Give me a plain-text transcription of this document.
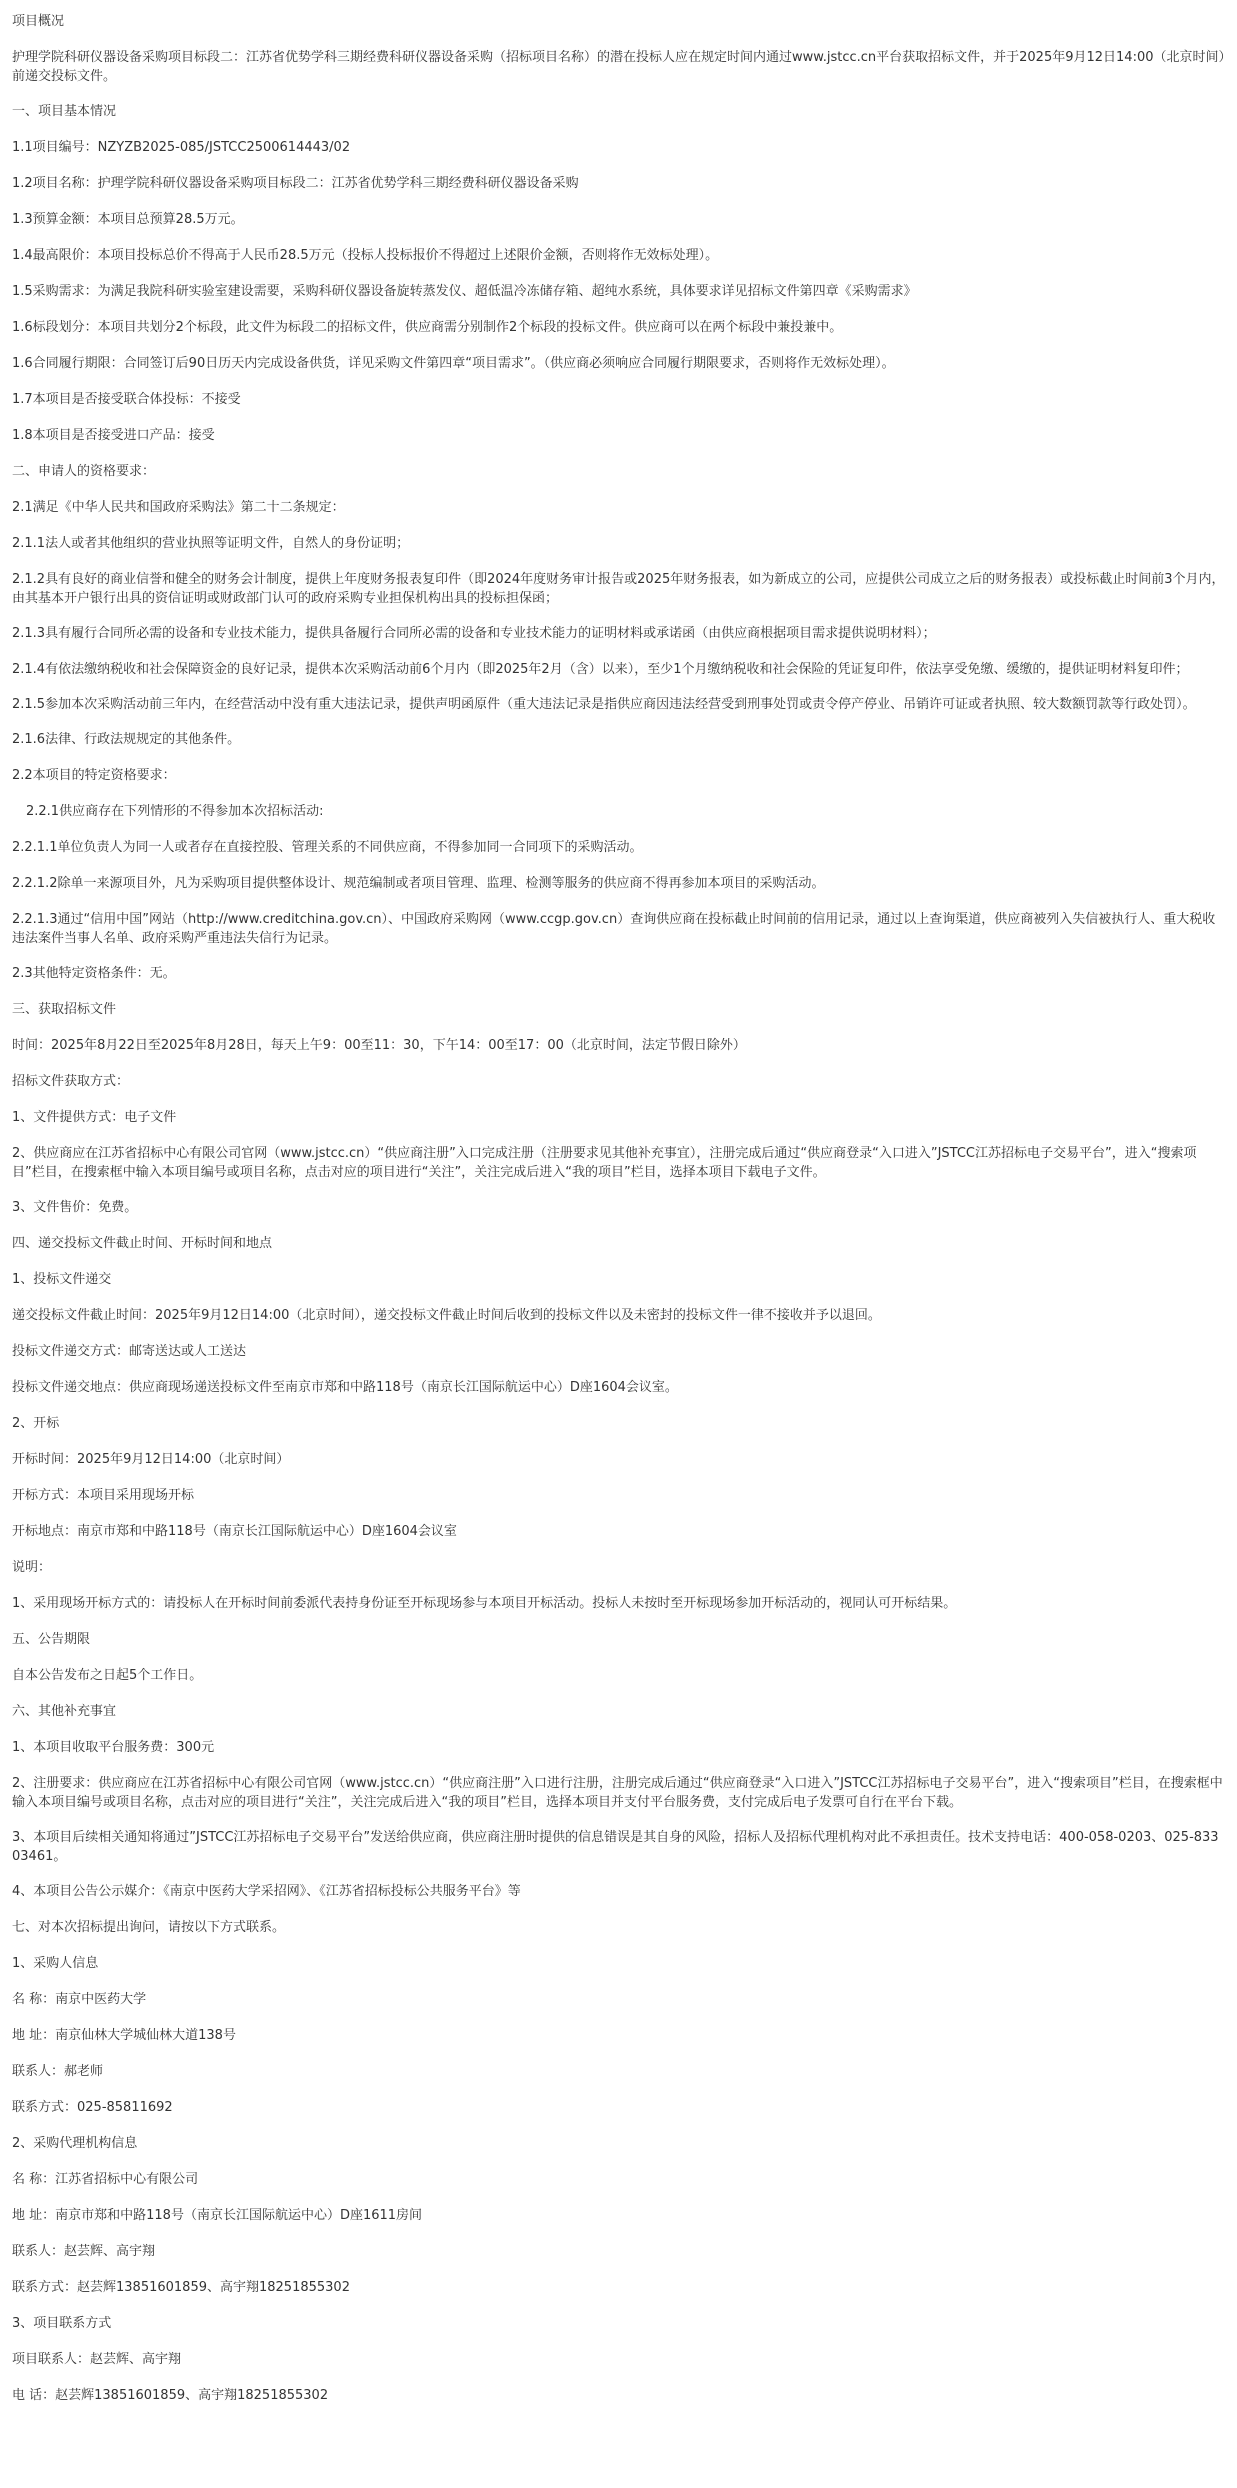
项目概况

护理学院科研仪器设备采购项目标段二：江苏省优势学科三期经费科研仪器设备采购（招标项目名称）的潜在投标人应在规定时间内通过www.jstcc.cn平台获取招标文件，并于2025年9月12日14:00（北京时间）前递交投标文件。

一、项目基本情况

1.1项目编号：NZYZB2025-085/JSTCC2500614443/02

1.2项目名称：护理学院科研仪器设备采购项目标段二：江苏省优势学科三期经费科研仪器设备采购

1.3预算金额：本项目总预算28.5万元。

1.4最高限价：本项目投标总价不得高于人民币28.5万元（投标人投标报价不得超过上述限价金额，否则将作无效标处理）。

1.5采购需求：为满足我院科研实验室建设需要，采购科研仪器设备旋转蒸发仪、超低温冷冻储存箱、超纯水系统，具体要求详见招标文件第四章《采购需求》

1.6标段划分：本项目共划分2个标段，此文件为标段二的招标文件，供应商需分别制作2个标段的投标文件。供应商可以在两个标段中兼投兼中。

1.6合同履行期限：合同签订后90日历天内完成设备供货，详见采购文件第四章“项目需求”。（供应商必须响应合同履行期限要求，否则将作无效标处理）。

1.7本项目是否接受联合体投标：不接受

1.8本项目是否接受进口产品：接受

二、申请人的资格要求：

2.1满足《中华人民共和国政府采购法》第二十二条规定：

2.1.1法人或者其他组织的营业执照等证明文件，自然人的身份证明；

2.1.2具有良好的商业信誉和健全的财务会计制度，提供上年度财务报表复印件（即2024年度财务审计报告或2025年财务报表，如为新成立的公司，应提供公司成立之后的财务报表）或投标截止时间前3个月内，由其基本开户银行出具的资信证明或财政部门认可的政府采购专业担保机构出具的投标担保函；

2.1.3具有履行合同所必需的设备和专业技术能力，提供具备履行合同所必需的设备和专业技术能力的证明材料或承诺函（由供应商根据项目需求提供说明材料）；

2.1.4有依法缴纳税收和社会保障资金的良好记录，提供本次采购活动前6个月内（即2025年2月（含）以来），至少1个月缴纳税收和社会保险的凭证复印件，依法享受免缴、缓缴的，提供证明材料复印件；

2.1.5参加本次采购活动前三年内，在经营活动中没有重大违法记录，提供声明函原件（重大违法记录是指供应商因违法经营受到刑事处罚或责令停产停业、吊销许可证或者执照、较大数额罚款等行政处罚）。

2.1.6法律、行政法规规定的其他条件。

2.2本项目的特定资格要求：

2.2.1供应商存在下列情形的不得参加本次招标活动:

2.2.1.1单位负责人为同一人或者存在直接控股、管理关系的不同供应商，不得参加同一合同项下的采购活动。

2.2.1.2除单一来源项目外，凡为采购项目提供整体设计、规范编制或者项目管理、监理、检测等服务的供应商不得再参加本项目的采购活动。

2.2.1.3通过“信用中国”网站（http://www.creditchina.gov.cn）、中国政府采购网（www.ccgp.gov.cn）查询供应商在投标截止时间前的信用记录，通过以上查询渠道，供应商被列入失信被执行人、重大税收违法案件当事人名单、政府采购严重违法失信行为记录。

2.3其他特定资格条件：无。

三、获取招标文件

时间：2025年8月22日至2025年8月28日，每天上午9：00至11：30，下午14：00至17：00（北京时间，法定节假日除外）

招标文件获取方式：

1、文件提供方式：电子文件

2、供应商应在江苏省招标中心有限公司官网（www.jstcc.cn）“供应商注册”入口完成注册（注册要求见其他补充事宜），注册完成后通过“供应商登录“入口进入”JSTCC江苏招标电子交易平台”，进入“搜索项目”栏目，在搜索框中输入本项目编号或项目名称，点击对应的项目进行“关注”，关注完成后进入“我的项目”栏目，选择本项目下载电子文件。

3、文件售价：免费。

四、递交投标文件截止时间、开标时间和地点

1、投标文件递交

递交投标文件截止时间：2025年9月12日14:00（北京时间），递交投标文件截止时间后收到的投标文件以及未密封的投标文件一律不接收并予以退回。

投标文件递交方式：邮寄送达或人工送达

投标文件递交地点：供应商现场递送投标文件至南京市郑和中路118号（南京长江国际航运中心）D座1604会议室。

2、开标

开标时间：2025年9月12日14:00（北京时间）

开标方式：本项目采用现场开标

开标地点：南京市郑和中路118号（南京长江国际航运中心）D座1604会议室

说明：

1、采用现场开标方式的：请投标人在开标时间前委派代表持身份证至开标现场参与本项目开标活动。投标人未按时至开标现场参加开标活动的，视同认可开标结果。

五、公告期限

自本公告发布之日起5个工作日。

六、其他补充事宜

1、本项目收取平台服务费：300元

2、注册要求：供应商应在江苏省招标中心有限公司官网（www.jstcc.cn）“供应商注册”入口进行注册，注册完成后通过“供应商登录“入口进入”JSTCC江苏招标电子交易平台”，进入“搜索项目”栏目，在搜索框中输入本项目编号或项目名称，点击对应的项目进行“关注”，关注完成后进入“我的项目”栏目，选择本项目并支付平台服务费，支付完成后电子发票可自行在平台下载。

3、本项目后续相关通知将通过”JSTCC江苏招标电子交易平台”发送给供应商，供应商注册时提供的信息错误是其自身的风险，招标人及招标代理机构对此不承担责任。技术支持电话：400-058-0203、025-83303461。

4、本项目公告公示媒介：《南京中医药大学采招网》、《江苏省招标投标公共服务平台》等

七、对本次招标提出询问，请按以下方式联系。

1、采购人信息

名 称：南京中医药大学

地 址：南京仙林大学城仙林大道138号

联系人：郝老师

联系方式：025-85811692

2、采购代理机构信息

名 称：江苏省招标中心有限公司

地 址：南京市郑和中路118号（南京长江国际航运中心）D座1611房间

联系人：赵芸辉、高宇翔

联系方式：赵芸辉13851601859、高宇翔18251855302

3、项目联系方式

项目联系人：赵芸辉、高宇翔

电 话：赵芸辉13851601859、高宇翔18251855302
